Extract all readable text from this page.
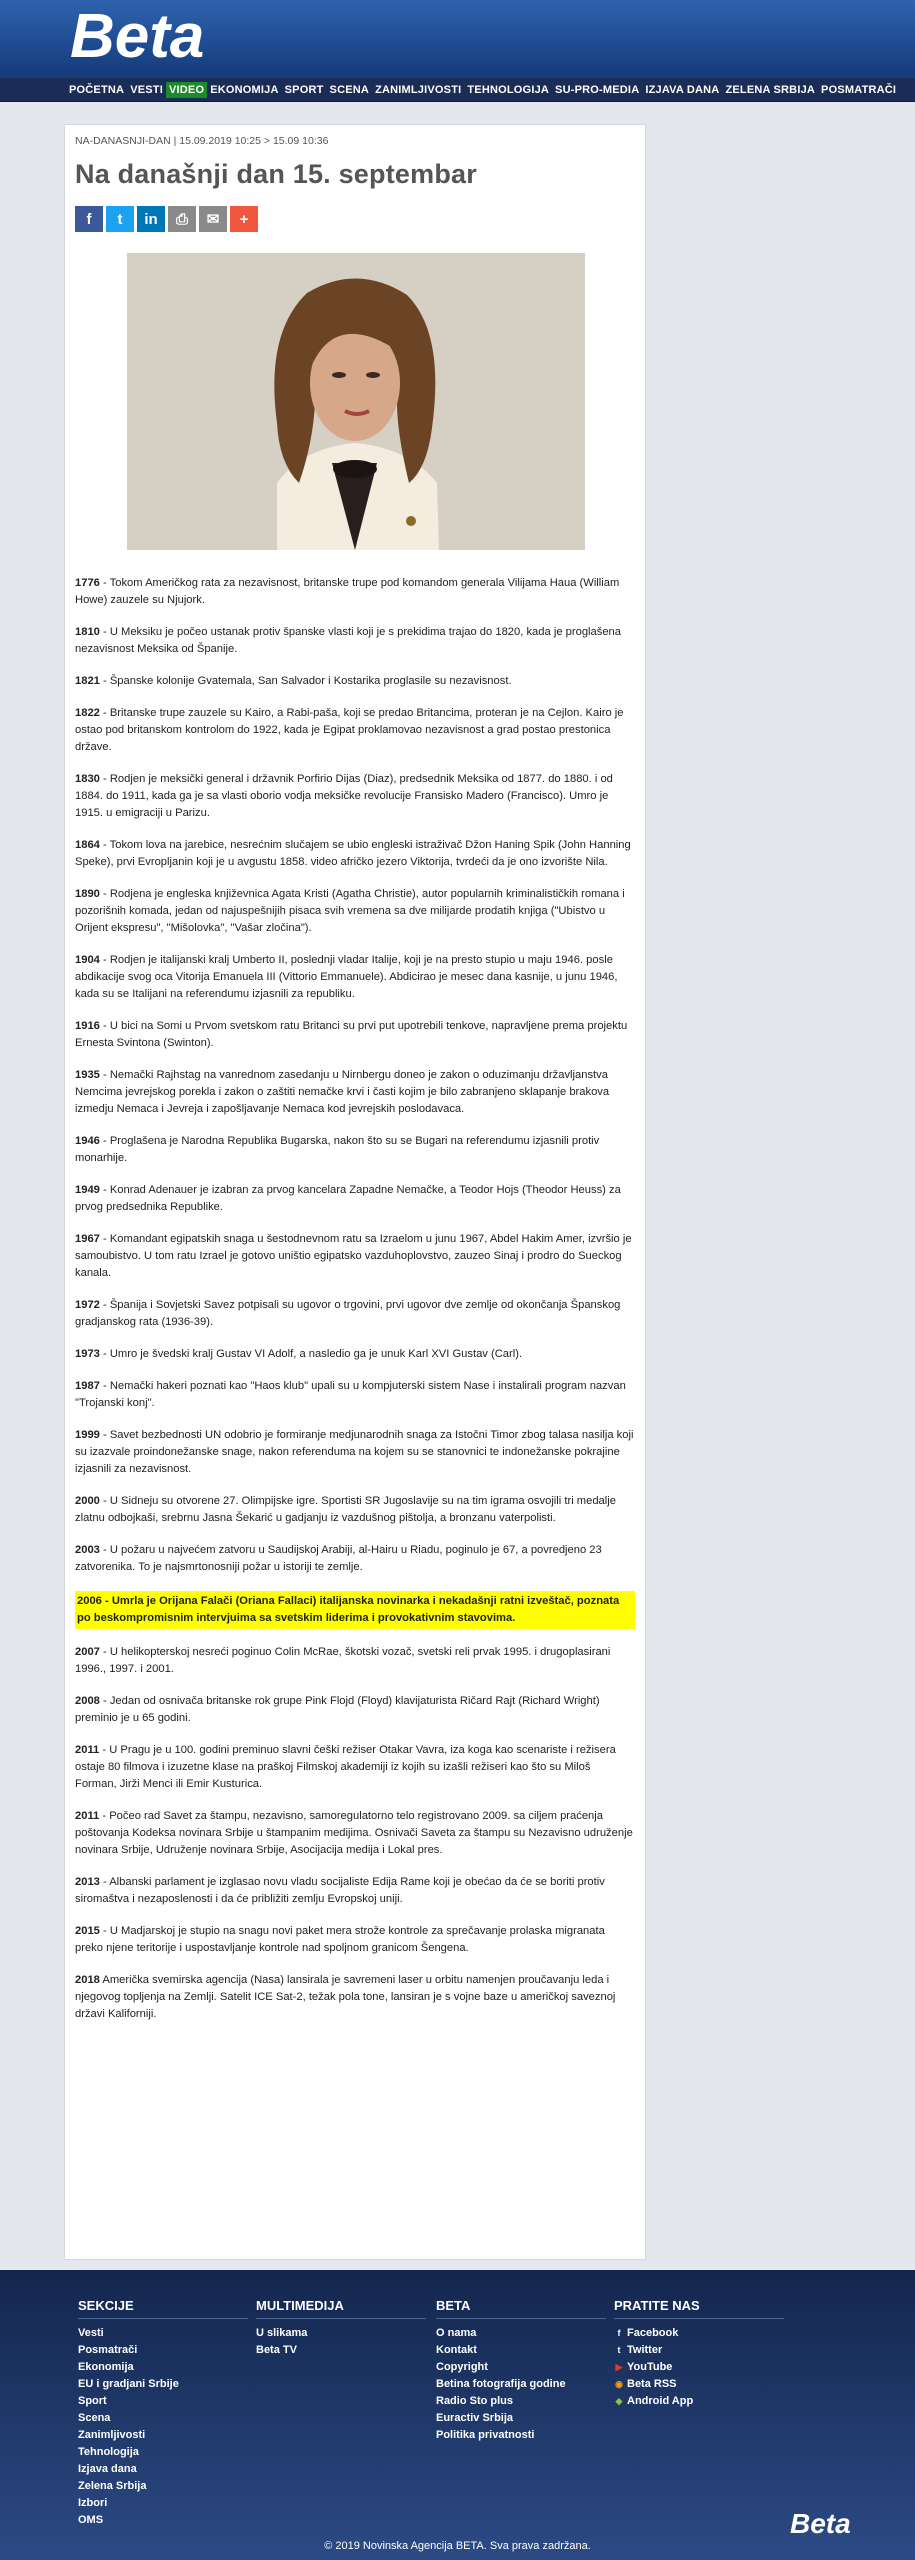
Beta
POČETNA VESTI VIDEO EKONOMIJA SPORT SCENA ZANIMLJIVOSTI TEHNOLOGIJA SU-PRO-MEDIA IZJAVA DANA ZELENA SRBIJA POSMATRAČI
NA-DANASNJI-DAN | 15.09.2019 10:25 > 15.09 10:36
Na današnji dan 15. septembar
f	t	in	⎙	✉	+

1776 - Tokom Američkog rata za nezavisnost, britanske trupe pod komandom generala Vilijama Haua (William Howe) zauzele su Njujork.

1810 - U Meksiku je počeo ustanak protiv španske vlasti koji je s prekidima trajao do 1820, kada je proglašena nezavisnost Meksika od Španije.

1821 - Španske kolonije Gvatemala, San Salvador i Kostarika proglasile su nezavisnost.

1822 - Britanske trupe zauzele su Kairo, a Rabi-paša, koji se predao Britancima, proteran je na Cejlon. Kairo je ostao pod britanskom kontrolom do 1922, kada je Egipat proklamovao nezavisnost a grad postao prestonica države.

1830 - Rodjen je meksički general i državnik Porfirio Dijas (Diaz), predsednik Meksika od 1877. do 1880. i od 1884. do 1911, kada ga je sa vlasti oborio vodja meksičke revolucije Fransisko Madero (Francisco). Umro je 1915. u emigraciji u Parizu.

1864 - Tokom lova na jarebice, nesrećnim slučajem se ubio engleski istraživač Džon Haning Spik (John Hanning Speke), prvi Evropljanin koji je u avgustu 1858. video afričko jezero Viktorija, tvrdeći da je ono izvorište Nila.

1890 - Rodjena je engleska književnica Agata Kristi (Agatha Christie), autor popularnih kriminalističkih romana i pozorišnih komada, jedan od najuspešnijih pisaca svih vremena sa dve milijarde prodatih knjiga ("Ubistvo u Orijent ekspresu", "Mišolovka", "Vašar zločina").

1904 - Rodjen je italijanski kralj Umberto II, poslednji vladar Italije, koji je na presto stupio u maju 1946. posle abdikacije svog oca Vitorija Emanuela III (Vittorio Emmanuele). Abdicirao je mesec dana kasnije, u junu 1946, kada su se Italijani na referendumu izjasnili za republiku.

1916 - U bici na Somi u Prvom svetskom ratu Britanci su prvi put upotrebili tenkove, napravljene prema projektu Ernesta Svintona (Swinton).

1935 - Nemački Rajhstag na vanrednom zasedanju u Nirnbergu doneo je zakon o oduzimanju državljanstva Nemcima jevrejskog porekla i zakon o zaštiti nemačke krvi i časti kojim je bilo zabranjeno sklapanje brakova izmedju Nemaca i Jevreja i zapošljavanje Nemaca kod jevrejskih poslodavaca.

1946 - Proglašena je Narodna Republika Bugarska, nakon što su se Bugari na referendumu izjasnili protiv monarhije.

1949 - Konrad Adenauer je izabran za prvog kancelara Zapadne Nemačke, a Teodor Hojs (Theodor Heuss) za prvog predsednika Republike.

1967 - Komandant egipatskih snaga u šestodnevnom ratu sa Izraelom u junu 1967, Abdel Hakim Amer, izvršio je samoubistvo. U tom ratu Izrael je gotovo uništio egipatsko vazduhoplovstvo, zauzeo Sinaj i prodro do Sueckog kanala.

1972 - Španija i Sovjetski Savez potpisali su ugovor o trgovini, prvi ugovor dve zemlje od okončanja Španskog gradjanskog rata (1936-39).

1973 - Umro je švedski kralj Gustav VI Adolf, a nasledio ga je unuk Karl XVI Gustav (Carl).

1987 - Nemački hakeri poznati kao "Haos klub" upali su u kompjuterski sistem Nase i instalirali program nazvan "Trojanski konj".

1999 - Savet bezbednosti UN odobrio je formiranje medjunarodnih snaga za Istočni Timor zbog talasa nasilja koji su izazvale proindonežanske snage, nakon referenduma na kojem su se stanovnici te indonežanske pokrajine izjasnili za nezavisnost.

2000 - U Sidneju su otvorene 27. Olimpijske igre. Sportisti SR Jugoslavije su na tim igrama osvojili tri medalje zlatnu odbojkaši, srebrnu Jasna Šekarić u gadjanju iz vazdušnog pištolja, a bronzanu vaterpolisti.

2003 - U požaru u najvećem zatvoru u Saudijskoj Arabiji, al-Hairu u Riadu, poginulo je 67, a povredjeno 23 zatvorenika. To je najsmrtonosniji požar u istoriji te zemlje.

2006 - Umrla je Orijana Falači (Oriana Fallaci) italijanska novinarka i nekadašnji ratni izveštač, poznata po beskompromisnim intervjuima sa svetskim liderima i provokativnim stavovima.

2007 - U helikopterskoj nesreći poginuo Colin McRae, škotski vozač, svetski reli prvak 1995. i drugoplasirani 1996., 1997. i 2001.

2008 - Jedan od osnivača britanske rok grupe Pink Flojd (Floyd) klavijaturista Ričard Rajt (Richard Wright) preminio je u 65 godini.

2011 - U Pragu je u 100. godini preminuo slavni češki režiser Otakar Vavra, iza koga kao scenariste i režisera ostaje 80 filmova i izuzetne klase na praškoj Filmskoj akademiji iz kojih su izašli režiseri kao što su Miloš Forman, Jirži Menci ili Emir Kusturica.

2011 - Počeo rad Savet za štampu, nezavisno, samoregulatorno telo registrovano 2009. sa ciljem praćenja poštovanja Kodeksa novinara Srbije u štampanim medijima. Osnivači Saveta za štampu su Nezavisno udruženje novinara Srbije, Udruženje novinara Srbije, Asocijacija medija i Lokal pres.

2013 - Albanski parlament je izglasao novu vladu socijaliste Edija Rame koji je obećao da će se boriti protiv siromaštva i nezaposlenosti i da će približiti zemlju Evropskoj uniji.

2015 - U Madjarskoj je stupio na snagu novi paket mera strože kontrole za sprečavanje prolaska migranata preko njene teritorije i uspostavljanje kontrole nad spoljnom granicom Šengena.

2018 Američka svemirska agencija (Nasa) lansirala je savremeni laser u orbitu namenjen proučavanju leda i njegovog topljenja na Zemlji. Satelit ICE Sat-2, težak pola tone, lansiran je s vojne baze u američkoj saveznoj državi Kaliforniji.

SEKCIJE
Vesti
Posmatrači
Ekonomija
EU i gradjani Srbije
Sport
Scena
Zanimljivosti
Tehnologija
Izjava dana
Zelena Srbija
Izbori
OMS
MULTIMEDIJA
U slikama
Beta TV
BETA
O nama
Kontakt
Copyright
Betina fotografija godine
Radio Sto plus
Euractiv Srbija
Politika privatnosti
PRATITE NAS
f Facebook
t Twitter
▶ YouTube
◉ Beta RSS
◆ Android App
Beta
© 2019 Novinska Agencija BETA. Sva prava zadržana.
